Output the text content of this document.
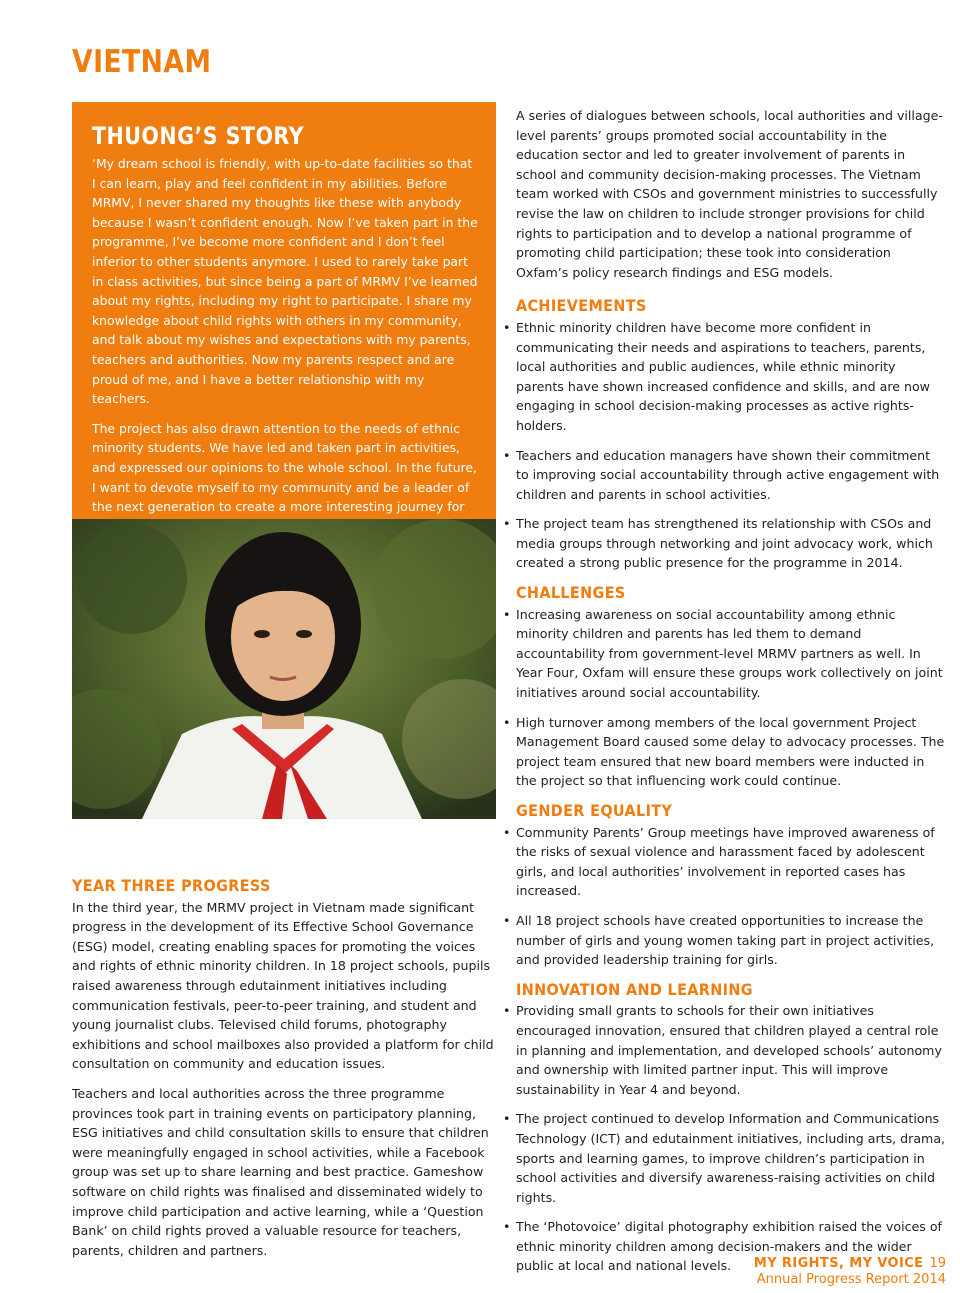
VIETNAM
THUONG’S STORY

‘My dream school is friendly, with up-to-date facilities so that I can learn, play and feel confident in my abilities. Before MRMV, I never shared my thoughts like these with anybody because I wasn’t confident enough. Now I’ve taken part in the programme, I’ve become more confident and I don’t feel inferior to other students anymore. I used to rarely take part in class activities, but since being a part of MRMV I’ve learned about my rights, including my right to participate. I share my knowledge about child rights with others in my community, and talk about my wishes and expectations with my parents, teachers and authorities. Now my parents respect and are proud of me, and I have a better relationship with my teachers.

The project has also drawn attention to the needs of ethnic minority students. We have led and taken part in activities, and expressed our opinions to the whole school. In the future, I want to devote myself to my community and be a leader of the next generation to create a more interesting journey for

YEAR THREE PROGRESS

In the third year, the MRMV project in Vietnam made significant progress in the development of its Effective School Governance (ESG) model, creating enabling spaces for promoting the voices and rights of ethnic minority children. In 18 project schools, pupils raised awareness through edutainment initiatives including communication festivals, peer-to-peer training, and student and young journalist clubs. Televised child forums, photography exhibitions and school mailboxes also provided a platform for child consultation on community and education issues.

Teachers and local authorities across the three programme provinces took part in training events on participatory planning, ESG initiatives and child consultation skills to ensure that children were meaningfully engaged in school activities, while a Facebook group was set up to share learning and best practice. Gameshow software on child rights was finalised and disseminated widely to improve child participation and active learning, while a ‘Question Bank’ on child rights proved a valuable resource for teachers, parents, children and partners.

A series of dialogues between schools, local authorities and village-level parents’ groups promoted social accountability in the education sector and led to greater involvement of parents in school and community decision-making processes. The Vietnam team worked with CSOs and government ministries to successfully revise the law on children to include stronger provisions for child rights to participation and to develop a national programme of promoting child participation; these took into consideration Oxfam’s policy research findings and ESG models.

ACHIEVEMENTS
• Ethnic minority children have become more confident in communicating their needs and aspirations to teachers, parents, local authorities and public audiences, while ethnic minority parents have shown increased confidence and skills, and are now engaging in school decision-making processes as active rights-holders.
• Teachers and education managers have shown their commitment to improving social accountability through active engagement with children and parents in school activities.
• The project team has strengthened its relationship with CSOs and media groups through networking and joint advocacy work, which created a strong public presence for the programme in 2014.
CHALLENGES
• Increasing awareness on social accountability among ethnic minority children and parents has led them to demand accountability from government-level MRMV partners as well. In Year Four, Oxfam will ensure these groups work collectively on joint initiatives around social accountability.
• High turnover among members of the local government Project Management Board caused some delay to advocacy processes. The project team ensured that new board members were inducted in the project so that influencing work could continue.
GENDER EQUALITY
• Community Parents’ Group meetings have improved awareness of the risks of sexual violence and harassment faced by adolescent girls, and local authorities’ involvement in reported cases has increased.
• All 18 project schools have created opportunities to increase the number of girls and young women taking part in project activities, and provided leadership training for girls.
INNOVATION AND LEARNING
• Providing small grants to schools for their own initiatives encouraged innovation, ensured that children played a central role in planning and implementation, and developed schools’ autonomy and ownership with limited partner input. This will improve sustainability in Year 4 and beyond.
• The project continued to develop Information and Communications Technology (ICT) and edutainment initiatives, including arts, drama, sports and learning games, to improve children’s participation in school activities and diversify awareness-raising activities on child rights.
• The ‘Photovoice’ digital photography exhibition raised the voices of ethnic minority children among decision-makers and the wider public at local and national levels.	MY RIGHTS, MY VOICE 19
Annual Progress Report 2014
